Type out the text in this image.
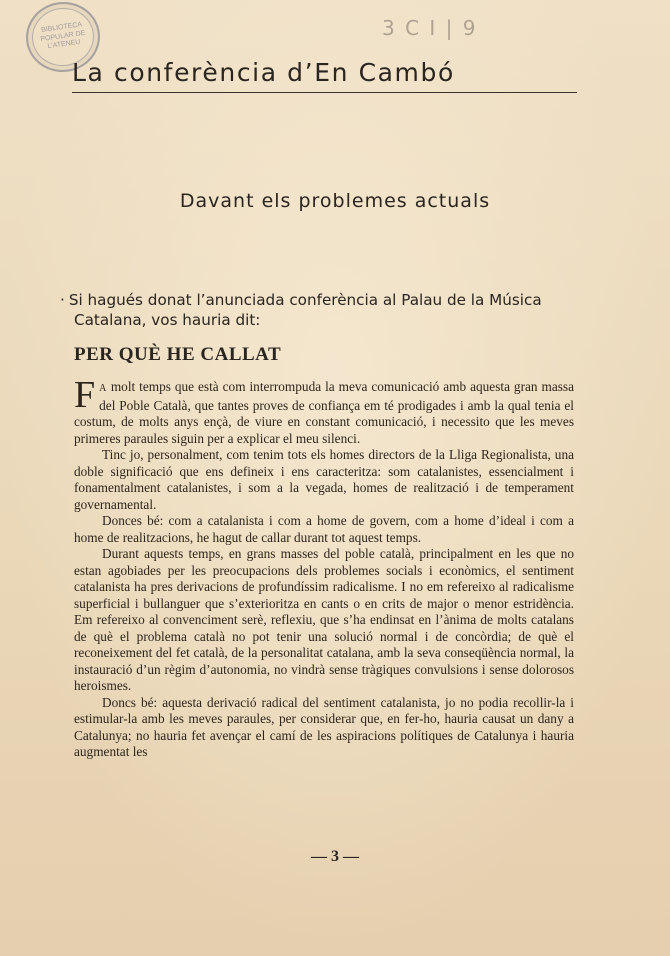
BIBLIOTECA POPULAR DE L'ATENEU
3 C I | 9
La conferència d’En Cambó
Davant els problemes actuals

· Si hagués donat l’anunciada conferència al Palau de la Música Catalana, vos hauria dit:

PER QUÈ HE CALLAT

F A molt temps que està com interrompuda la meva comunicació amb aquesta gran massa del Poble Català, que tantes proves de confiança em té prodigades i amb la qual tenia el costum, de molts anys ençà, de viure en constant comunicació, i necessito que les meves primeres paraules siguin per a explicar el meu silenci.

Tinc jo, personalment, com tenim tots els homes directors de la Lliga Regionalista, una doble significació que ens defineix i ens caracteritza: som catalanistes, essencialment i fonamentalment catalanistes, i som a la vegada, homes de realització i de temperament governamental.

Donces bé: com a catalanista i com a home de govern, com a home d’ideal i com a home de realitzacions, he hagut de callar durant tot aquest temps.

Durant aquests temps, en grans masses del poble català, principalment en les que no estan agobiades per les preocupacions dels problemes socials i econòmics, el sentiment catalanista ha pres derivacions de profundíssim radicalisme. I no em refereixo al radicalisme superficial i bullanguer que s’exterioritza en cants o en crits de major o menor estridència. Em refereixo al convenciment serè, reflexiu, que s’ha endinsat en l’ànima de molts catalans de què el problema català no pot tenir una solució normal i de concòrdia; de què el reconeixement del fet català, de la personalitat catalana, amb la seva conseqüència normal, la instauració d’un règim d’autonomia, no vindrà sense tràgiques convulsions i sense dolorosos heroismes.

Doncs bé: aquesta derivació radical del sentiment catalanista, jo no podia recollir-la i estimular-la amb les meves paraules, per considerar que, en fer-ho, hauria causat un dany a Catalunya; no hauria fet avençar el camí de les aspiracions polítiques de Catalunya i hauria augmentat les

— 3 —
